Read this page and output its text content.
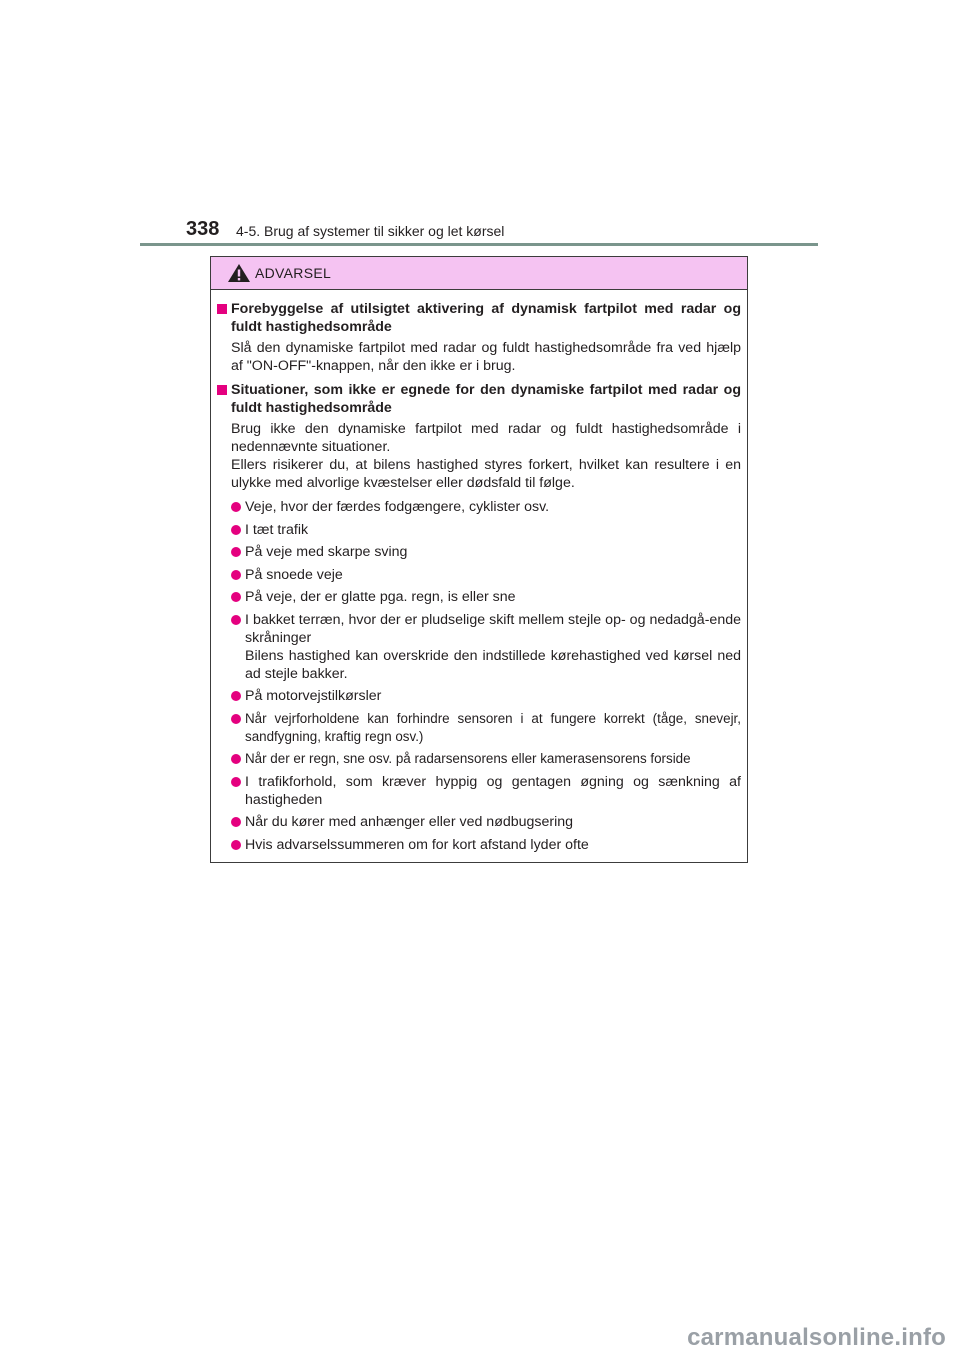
338 4-5. Brug af systemer til sikker og let kørsel
ADVARSEL
Forebyggelse af utilsigtet aktivering af dynamisk fartpilot med radar og fuldt hastighedsområde

Slå den dynamiske fartpilot med radar og fuldt hastighedsområde fra ved hjælp af "ON-OFF"-knappen, når den ikke er i brug.

Situationer, som ikke er egnede for den dynamiske fartpilot med radar og fuldt hastighedsområde

Brug ikke den dynamiske fartpilot med radar og fuldt hastighedsområde i nedennævnte situationer.
Ellers risikerer du, at bilens hastighed styres forkert, hvilket kan resultere i en ulykke med alvorlige kvæstelser eller dødsfald til følge.

Veje, hvor der færdes fodgængere, cyklister osv.
I tæt trafik
På veje med skarpe sving
På snoede veje
På veje, der er glatte pga. regn, is eller sne
I bakket terræn, hvor der er pludselige skift mellem stejle op- og nedadgå-ende skråninger
Bilens hastighed kan overskride den indstillede kørehastighed ved kørsel ned ad stejle bakker.
På motorvejstilkørsler
Når vejrforholdene kan forhindre sensoren i at fungere korrekt (tåge, snevejr, sandfygning, kraftig regn osv.)
Når der er regn, sne osv. på radarsensorens eller kamerasensorens forside
I trafikforhold, som kræver hyppig og gentagen øgning og sænkning af hastigheden
Når du kører med anhænger eller ved nødbugsering
Hvis advarselssummeren om for kort afstand lyder ofte
carmanualsonline.info
